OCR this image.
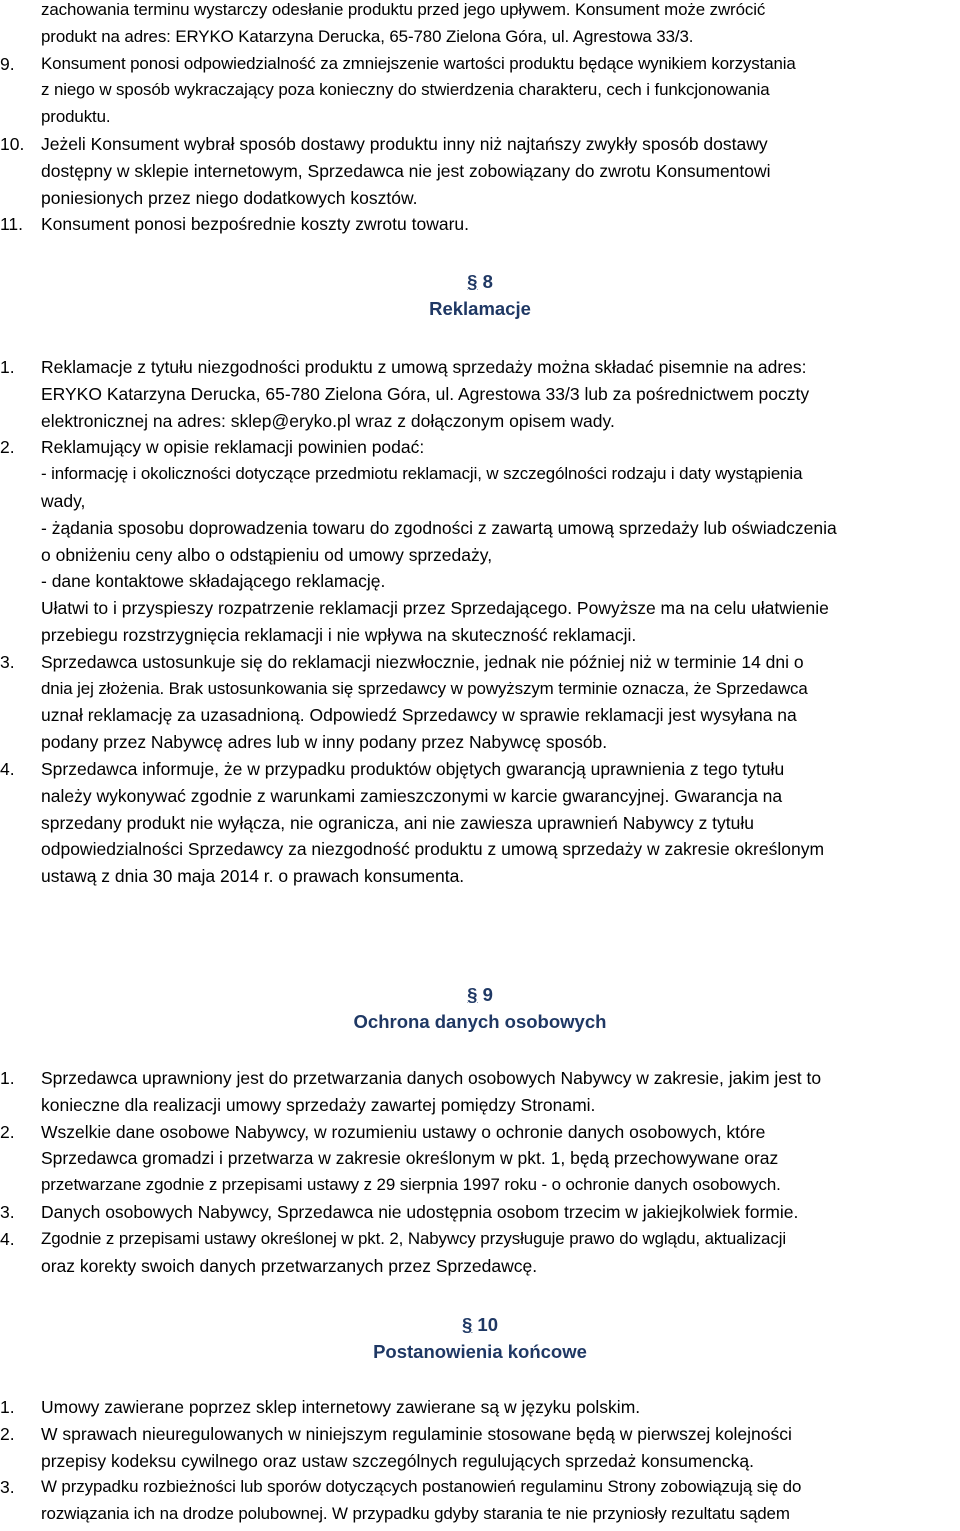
zachowania terminu wystarczy odesłanie produktu przed jego upływem. Konsument może zwrócić

produkt na adres: ERYKO Katarzyna Derucka, 65-780 Zielona Góra, ul. Agrestowa 33/3.

9. Konsument ponosi odpowiedzialność za zmniejszenie wartości produktu będące wynikiem korzystania

z niego w sposób wykraczający poza konieczny do stwierdzenia charakteru, cech i funkcjonowania

produktu.

10. Jeżeli Konsument wybrał sposób dostawy produktu inny niż najtańszy zwykły sposób dostawy

dostępny w sklepie internetowym, Sprzedawca nie jest zobowiązany do zwrotu Konsumentowi

poniesionych przez niego dodatkowych kosztów.

11. Konsument ponosi bezpośrednie koszty zwrotu towaru.

§ 8
Reklamacje
1. Reklamacje z tytułu niezgodności produktu z umową sprzedaży można składać pisemnie na adres:

ERYKO Katarzyna Derucka, 65-780 Zielona Góra, ul. Agrestowa 33/3 lub za pośrednictwem poczty

elektronicznej na adres: sklep@eryko.pl wraz z dołączonym opisem wady.

2. Reklamujący w opisie reklamacji powinien podać:

- informację i okoliczności dotyczące przedmiotu reklamacji, w szczególności rodzaju i daty wystąpienia

wady,

- żądania sposobu doprowadzenia towaru do zgodności z zawartą umową sprzedaży lub oświadczenia

o obniżeniu ceny albo o odstąpieniu od umowy sprzedaży,

- dane kontaktowe składającego reklamację.

Ułatwi to i przyspieszy rozpatrzenie reklamacji przez Sprzedającego. Powyższe ma na celu ułatwienie

przebiegu rozstrzygnięcia reklamacji i nie wpływa na skuteczność reklamacji.

3. Sprzedawca ustosunkuje się do reklamacji niezwłocznie, jednak nie później niż w terminie 14 dni o

dnia jej złożenia. Brak ustosunkowania się sprzedawcy w powyższym terminie oznacza, że Sprzedawca

uznał reklamację za uzasadnioną. Odpowiedź Sprzedawcy w sprawie reklamacji jest wysyłana na

podany przez Nabywcę adres lub w inny podany przez Nabywcę sposób.

4. Sprzedawca informuje, że w przypadku produktów objętych gwarancją uprawnienia z tego tytułu

należy wykonywać zgodnie z warunkami zamieszczonymi w karcie gwarancyjnej. Gwarancja na

sprzedany produkt nie wyłącza, nie ogranicza, ani nie zawiesza uprawnień Nabywcy z tytułu

odpowiedzialności Sprzedawcy za niezgodność produktu z umową sprzedaży w zakresie określonym

ustawą z dnia 30 maja 2014 r. o prawach konsumenta.

§ 9
Ochrona danych osobowych
1. Sprzedawca uprawniony jest do przetwarzania danych osobowych Nabywcy w zakresie, jakim jest to

konieczne dla realizacji umowy sprzedaży zawartej pomiędzy Stronami.

2. Wszelkie dane osobowe Nabywcy, w rozumieniu ustawy o ochronie danych osobowych, które

Sprzedawca gromadzi i przetwarza w zakresie określonym w pkt. 1, będą przechowywane oraz

przetwarzane zgodnie z przepisami ustawy z 29 sierpnia 1997 roku - o ochronie danych osobowych.

3. Danych osobowych Nabywcy, Sprzedawca nie udostępnia osobom trzecim w jakiejkolwiek formie.

4. Zgodnie z przepisami ustawy określonej w pkt. 2, Nabywcy przysługuje prawo do wglądu, aktualizacji

oraz korekty swoich danych przetwarzanych przez Sprzedawcę.

§ 10
Postanowienia końcowe
1. Umowy zawierane poprzez sklep internetowy zawierane są w języku polskim.

2. W sprawach nieuregulowanych w niniejszym regulaminie stosowane będą w pierwszej kolejności

przepisy kodeksu cywilnego oraz ustaw szczególnych regulujących sprzedaż konsumencką.

3. W przypadku rozbieżności lub sporów dotyczących postanowień regulaminu Strony zobowiązują się do

rozwiązania ich na drodze polubownej. W przypadku gdyby starania te nie przyniosły rezultatu sądem
